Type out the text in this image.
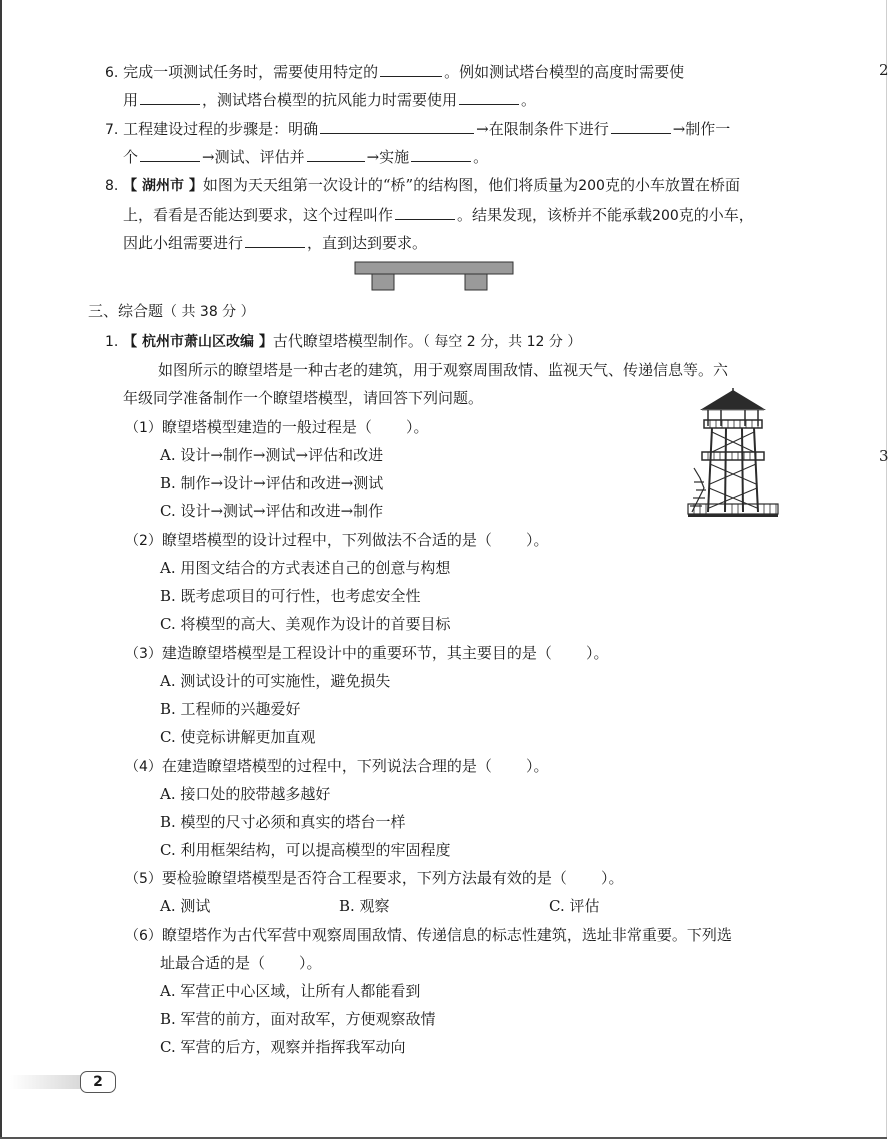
2
3
6. 完成一项测试任务时，需要使用特定的	。例如测试塔台模型的高度时需要使
用	，测试塔台模型的抗风能力时需要使用	。
7. 工程建设过程的步骤是：明确	→在限制条件下进行	→制作一
个	→测试、评估并	→实施	。
8. 【 湖州市 】如图为天天组第一次设计的“桥”的结构图，他们将质量为200克的小车放置在桥面
上，看看是否能达到要求，这个过程叫作	。结果发现，该桥并不能承载200克的小车，
因此小组需要进行	，直到达到要求。
三、综合题（ 共 38 分 ）
1. 【 杭州市萧山区改编 】古代瞭望塔模型制作。（ 每空 2 分，共 12 分 ）
如图所示的瞭望塔是一种古老的建筑，用于观察周围敌情、监视天气、传递信息等。六
年级同学准备制作一个瞭望塔模型，请回答下列问题。
（1）瞭望塔模型建造的一般过程是（ ）。
A. 设计→制作→测试→评估和改进
B. 制作→设计→评估和改进→测试
C. 设计→测试→评估和改进→制作
（2）瞭望塔模型的设计过程中，下列做法不合适的是（ ）。
A. 用图文结合的方式表述自己的创意与构想
B. 既考虑项目的可行性，也考虑安全性
C. 将模型的高大、美观作为设计的首要目标
（3）建造瞭望塔模型是工程设计中的重要环节，其主要目的是（ ）。
A. 测试设计的可实施性，避免损失
B. 工程师的兴趣爱好
C. 使竞标讲解更加直观
（4）在建造瞭望塔模型的过程中，下列说法合理的是（ ）。
A. 接口处的胶带越多越好
B. 模型的尺寸必须和真实的塔台一样
C. 利用框架结构，可以提高模型的牢固程度
（5）要检验瞭望塔模型是否符合工程要求，下列方法最有效的是（ ）。
A. 测试	B. 观察	C. 评估
（6）瞭望塔作为古代军营中观察周围敌情、传递信息的标志性建筑，选址非常重要。下列选
址最合适的是（ ）。
A. 军营正中心区域，让所有人都能看到
B. 军营的前方，面对敌军，方便观察敌情
C. 军营的后方，观察并指挥我军动向
2
